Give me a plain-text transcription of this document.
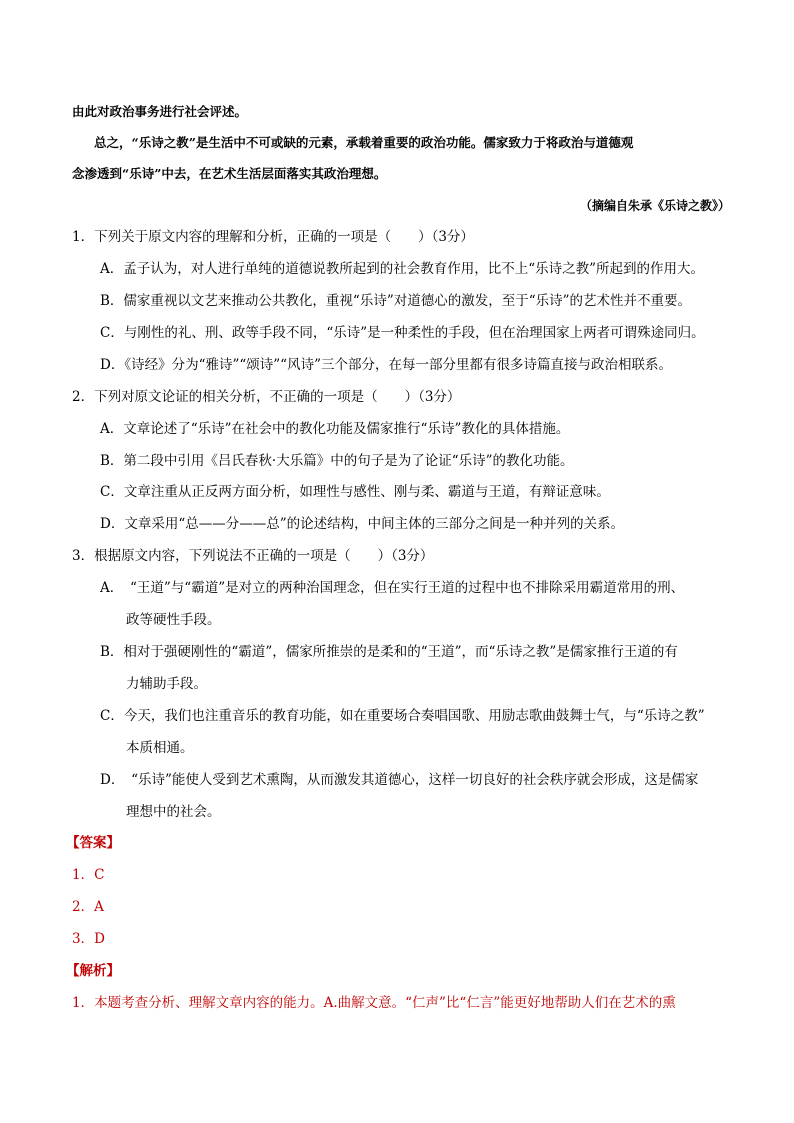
由此对政治事务进行社会评述。
总之，“乐诗之教”是生活中不可或缺的元素，承载着重要的政治功能。儒家致力于将政治与道德观
念渗透到“乐诗”中去，在艺术生活层面落实其政治理想。
（摘编自朱承《乐诗之教》）
1．下列关于原文内容的理解和分析，正确的一项是（　　）（3分）
A．孟子认为，对人进行单纯的道德说教所起到的社会教育作用，比不上“乐诗之教”所起到的作用大。
B．儒家重视以文艺来推动公共教化，重视“乐诗”对道德心的激发，至于“乐诗”的艺术性并不重要。
C．与刚性的礼、刑、政等手段不同，“乐诗”是一种柔性的手段，但在治理国家上两者可谓殊途同归。
D．《诗经》分为“雅诗”“颂诗”“风诗”三个部分，在每一部分里都有很多诗篇直接与政治相联系。
2．下列对原文论证的相关分析，不正确的一项是（　　）（3分）
A．文章论述了“乐诗”在社会中的教化功能及儒家推行“乐诗”教化的具体措施。
B．第二段中引用《吕氏春秋·大乐篇》中的句子是为了论证“乐诗”的教化功能。
C．文章注重从正反两方面分析，如理性与感性、刚与柔、霸道与王道，有辩证意味。
D．文章采用“总——分——总”的论述结构，中间主体的三部分之间是一种并列的关系。
3．根据原文内容，下列说法不正确的一项是（　　）（3分）
A．　“王道”与“霸道”是对立的两种治国理念，但在实行王道的过程中也不排除采用霸道常用的刑、
政等硬性手段。
B．相对于强硬刚性的“霸道”，儒家所推崇的是柔和的“王道”，而“乐诗之教”是儒家推行王道的有
力辅助手段。
C．今天，我们也注重音乐的教育功能，如在重要场合奏唱国歌、用励志歌曲鼓舞士气，与“乐诗之教”
本质相通。
D．　“乐诗”能使人受到艺术熏陶，从而激发其道德心，这样一切良好的社会秩序就会形成，这是儒家
理想中的社会。
【答案】
1．C
2．A
3．D
【解析】
1．本题考查分析、理解文章内容的能力。A.曲解文意。“仁声”比“仁言”能更好地帮助人们在艺术的熏
